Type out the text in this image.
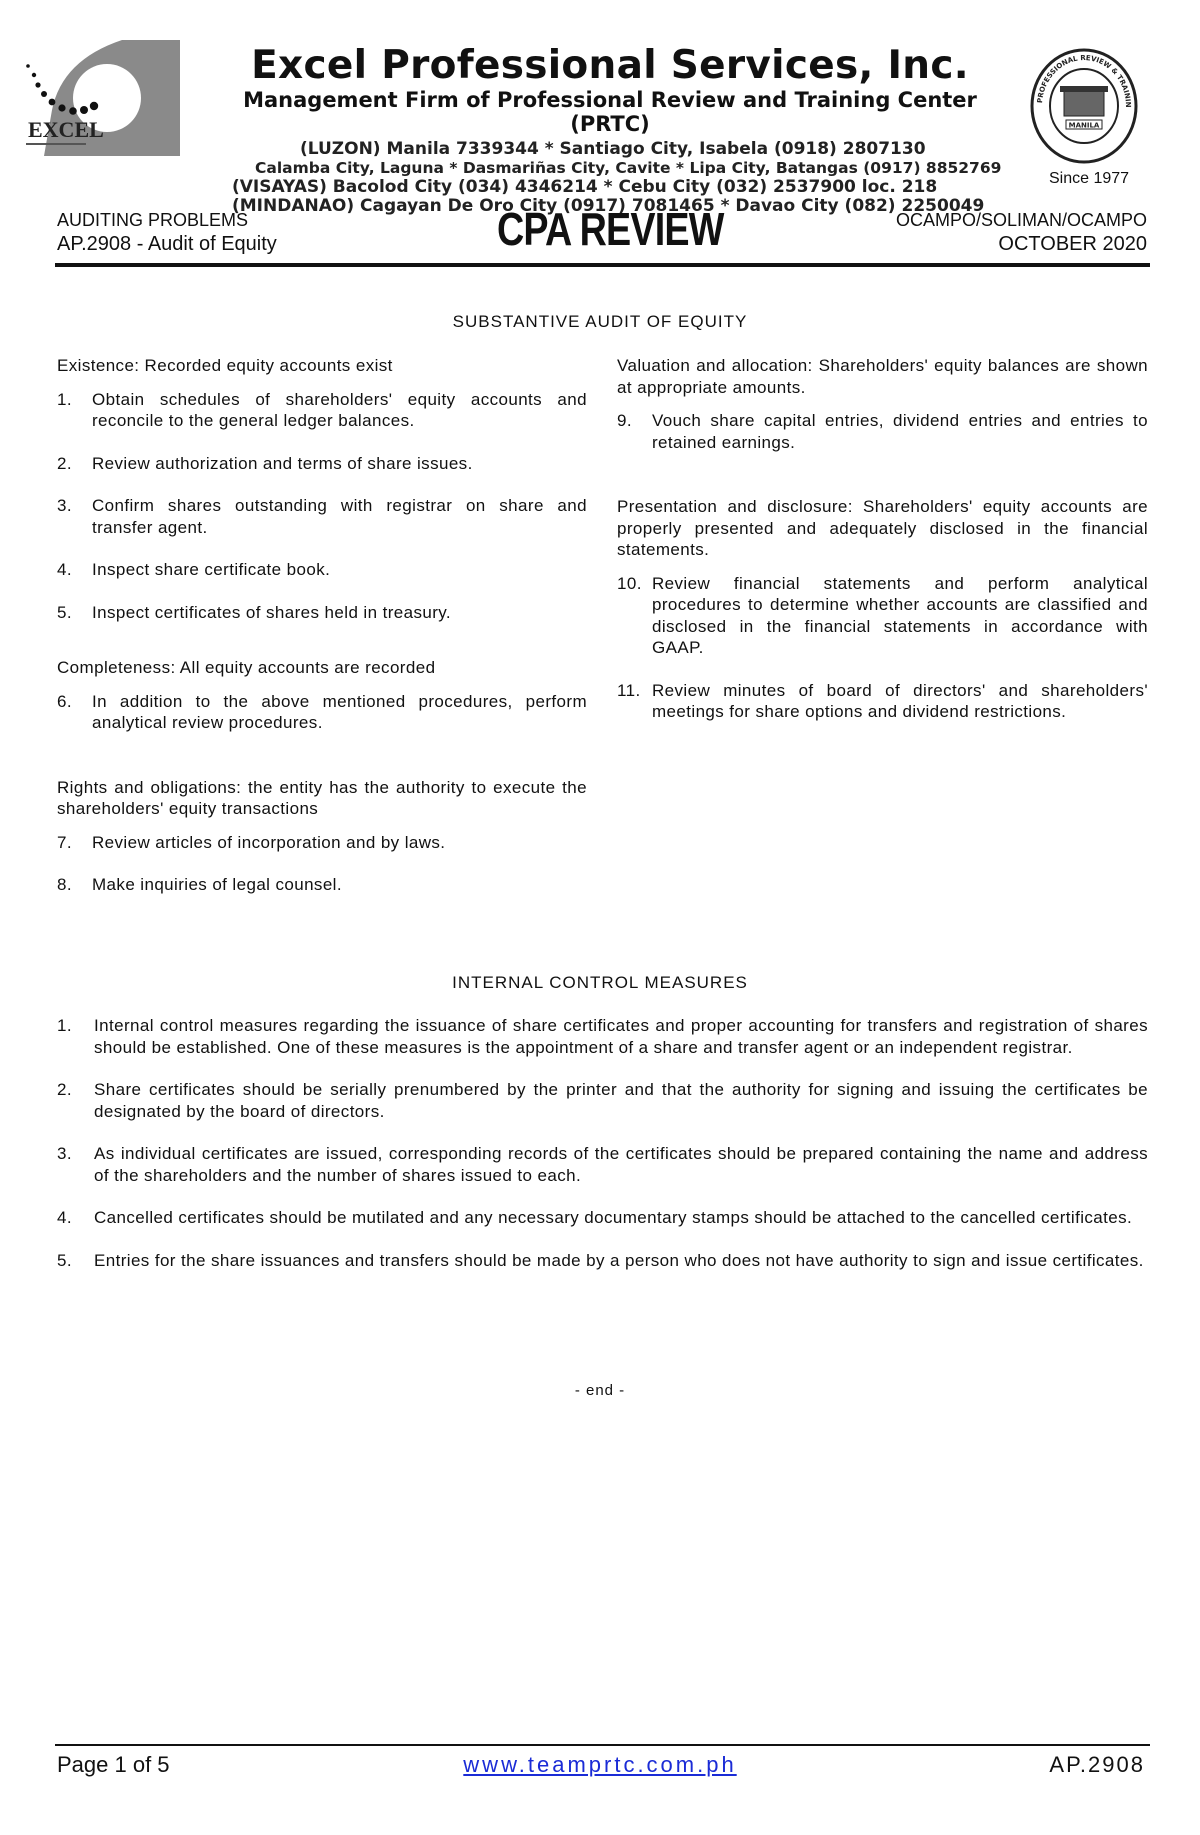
EXCEL

Excel Professional Services, Inc.

Management Firm of Professional Review and Training Center (PRTC)

(LUZON) Manila 7339344 * Santiago City, Isabela (0918) 2807130

Calamba City, Laguna * Dasmariñas City, Cavite * Lipa City, Batangas (0917) 8852769

(VISAYAS) Bacolod City (034) 4346214 * Cebu City (032) 2537900 loc. 218

(MINDANAO) Cagayan De Oro City (0917) 7081465 * Davao City (082) 2250049

PROFESSIONAL REVIEW & TRAININ
MANILA
Since 1977
AUDITING PROBLEMS
AP.2908 - Audit of Equity	CPA REVIEW	OCAMPO/SOLIMAN/OCAMPO
OCTOBER 2020
SUBSTANTIVE AUDIT OF EQUITY

Existence: Recorded equity accounts exist

1. Obtain schedules of shareholders' equity accounts and reconcile to the general ledger balances.
2. Review authorization and terms of share issues.
3. Confirm shares outstanding with registrar on share and transfer agent.
4. Inspect share certificate book.
5. Inspect certificates of shares held in treasury.

Completeness: All equity accounts are recorded

6. In addition to the above mentioned procedures, perform analytical review procedures.

Rights and obligations: the entity has the authority to execute the shareholders' equity transactions

7. Review articles of incorporation and by laws.
8. Make inquiries of legal counsel.

Valuation and allocation: Shareholders' equity balances are shown at appropriate amounts.

9. Vouch share capital entries, dividend entries and entries to retained earnings.

Presentation and disclosure: Shareholders' equity accounts are properly presented and adequately disclosed in the financial statements.

10. Review financial statements and perform analytical procedures to determine whether accounts are classified and disclosed in the financial statements in accordance with GAAP.
11. Review minutes of board of directors' and shareholders' meetings for share options and dividend restrictions.
INTERNAL CONTROL MEASURES
1. Internal control measures regarding the issuance of share certificates and proper accounting for transfers and registration of shares should be established. One of these measures is the appointment of a share and transfer agent or an independent registrar.
2. Share certificates should be serially prenumbered by the printer and that the authority for signing and issuing the certificates be designated by the board of directors.
3. As individual certificates are issued, corresponding records of the certificates should be prepared containing the name and address of the shareholders and the number of shares issued to each.
4. Cancelled certificates should be mutilated and any necessary documentary stamps should be attached to the cancelled certificates.
5. Entries for the share issuances and transfers should be made by a person who does not have authority to sign and issue certificates.
- end -
Page 1 of 5	www.teamprtc.com.ph	AP.2908
